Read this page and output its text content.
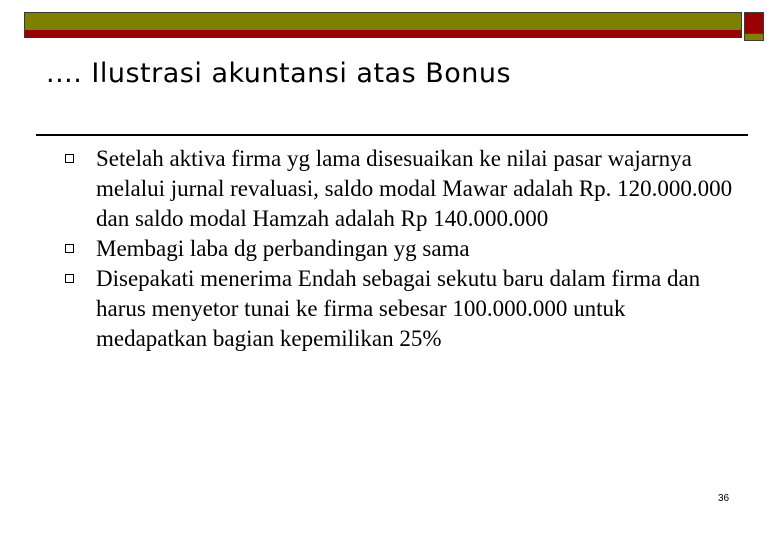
.... Ilustrasi akuntansi atas Bonus
Setelah aktiva firma yg lama disesuaikan ke nilai pasar wajarnya melalui jurnal revaluasi, saldo modal Mawar adalah Rp. 120.000.000 dan saldo modal Hamzah adalah Rp 140.000.000
Membagi laba dg perbandingan yg sama
Disepakati menerima Endah sebagai sekutu baru dalam firma dan harus menyetor tunai ke firma sebesar 100.000.000 untuk medapatkan bagian kepemilikan 25%
36
